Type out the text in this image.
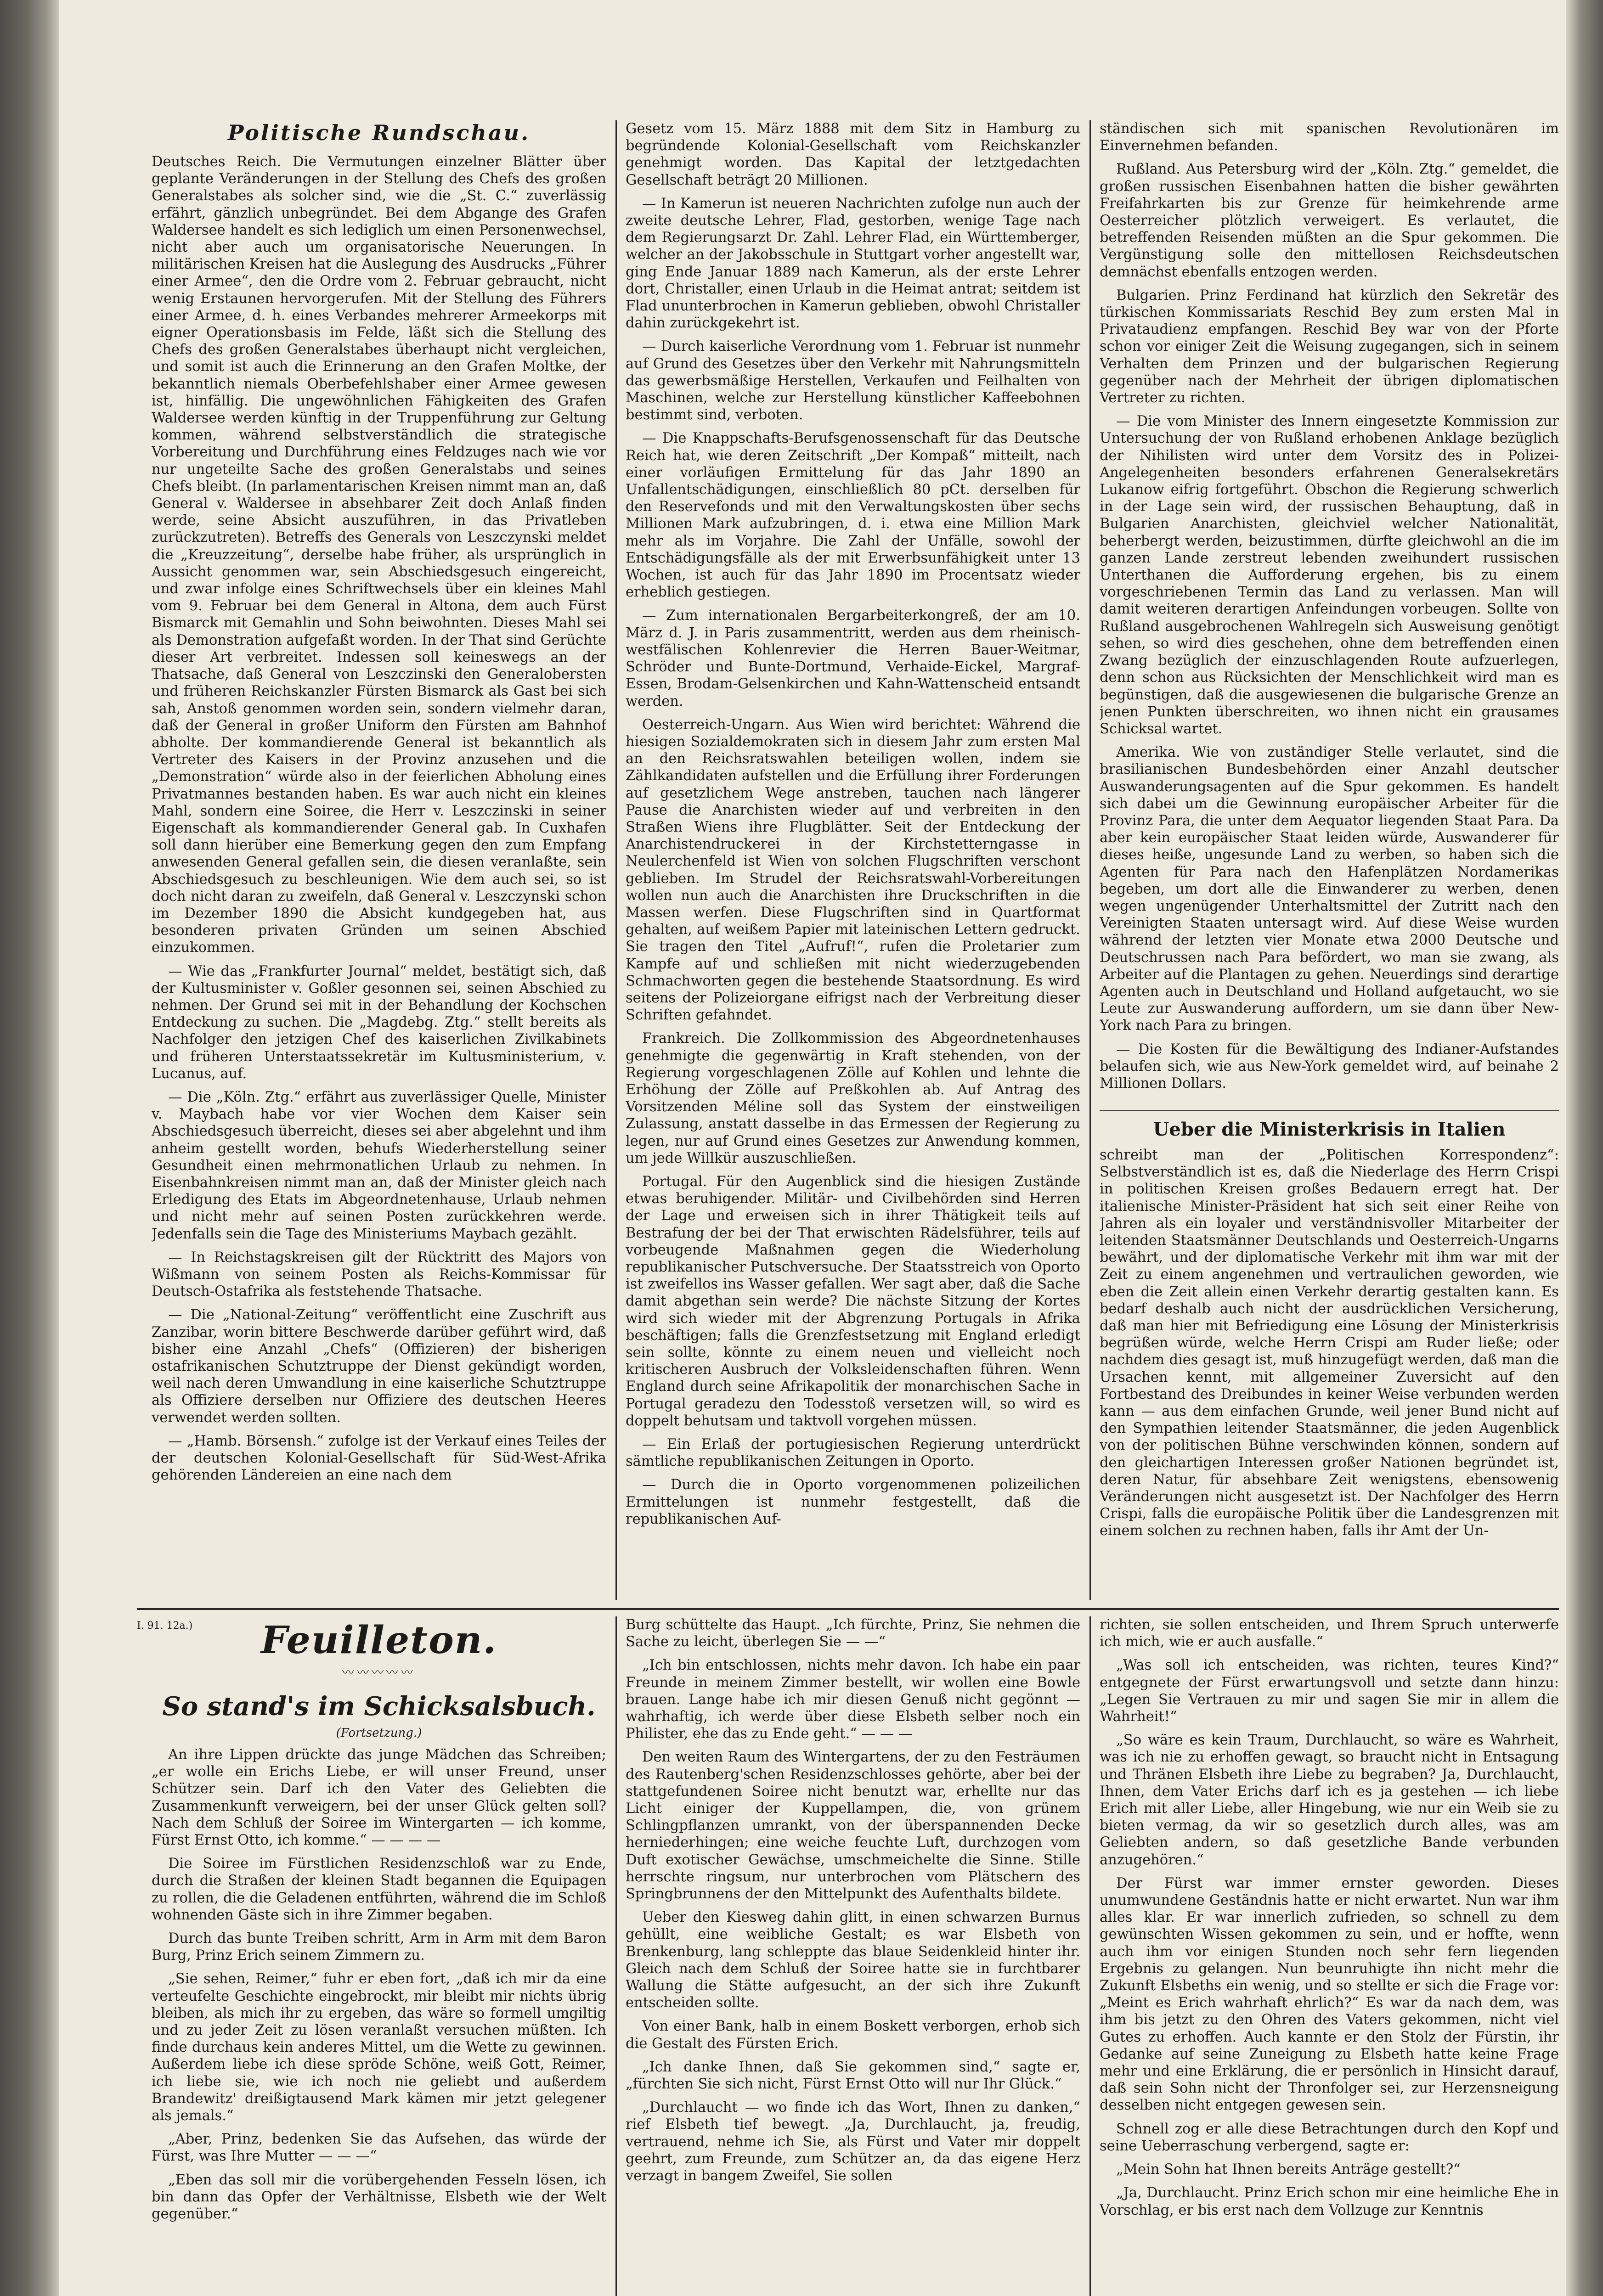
Politische Rundschau.

Deutsches Reich. Die Vermutungen einzelner Blätter über geplante Veränderungen in der Stellung des Chefs des großen Generalstabes als solcher sind, wie die „St. C.“ zuverlässig erfährt, gänzlich unbegründet. Bei dem Abgange des Grafen Waldersee handelt es sich lediglich um einen Personenwechsel, nicht aber auch um organisatorische Neuerungen. In militärischen Kreisen hat die Auslegung des Ausdrucks „Führer einer Armee“, den die Ordre vom 2. Februar gebraucht, nicht wenig Erstaunen hervorgerufen. Mit der Stellung des Führers einer Armee, d. h. eines Verbandes mehrerer Armeekorps mit eigner Operationsbasis im Felde, läßt sich die Stellung des Chefs des großen Generalstabes überhaupt nicht vergleichen, und somit ist auch die Erinnerung an den Grafen Moltke, der bekanntlich niemals Oberbefehlshaber einer Armee gewesen ist, hinfällig. Die ungewöhnlichen Fähigkeiten des Grafen Waldersee werden künftig in der Truppenführung zur Geltung kommen, während selbstverständlich die strategische Vorbereitung und Durchführung eines Feldzuges nach wie vor nur ungeteilte Sache des großen Generalstabs und seines Chefs bleibt. (In parlamentarischen Kreisen nimmt man an, daß General v. Waldersee in absehbarer Zeit doch Anlaß finden werde, seine Absicht auszuführen, in das Privatleben zurückzutreten). Betreffs des Generals von Leszczynski meldet die „Kreuzzeitung“, derselbe habe früher, als ursprünglich in Aussicht genommen war, sein Abschiedsgesuch eingereicht, und zwar infolge eines Schriftwechsels über ein kleines Mahl vom 9. Februar bei dem General in Altona, dem auch Fürst Bismarck mit Gemahlin und Sohn beiwohnten. Dieses Mahl sei als Demonstration aufgefaßt worden. In der That sind Gerüchte dieser Art verbreitet. Indessen soll keineswegs an der Thatsache, daß General von Leszczinski den Generalobersten und früheren Reichskanzler Fürsten Bismarck als Gast bei sich sah, Anstoß genommen worden sein, sondern vielmehr daran, daß der General in großer Uniform den Fürsten am Bahnhof abholte. Der kommandierende General ist bekanntlich als Vertreter des Kaisers in der Provinz anzusehen und die „Demonstration“ würde also in der feierlichen Abholung eines Privatmannes bestanden haben. Es war auch nicht ein kleines Mahl, sondern eine Soiree, die Herr v. Leszczinski in seiner Eigenschaft als kommandierender General gab. In Cuxhafen soll dann hierüber eine Bemerkung gegen den zum Empfang anwesenden General gefallen sein, die diesen veranlaßte, sein Abschiedsgesuch zu beschleunigen. Wie dem auch sei, so ist doch nicht daran zu zweifeln, daß General v. Leszczynski schon im Dezember 1890 die Absicht kundgegeben hat, aus besonderen privaten Gründen um seinen Abschied einzukommen.

— Wie das „Frankfurter Journal“ meldet, bestätigt sich, daß der Kultusminister v. Goßler gesonnen sei, seinen Abschied zu nehmen. Der Grund sei mit in der Behandlung der Kochschen Entdeckung zu suchen. Die „Magdebg. Ztg.“ stellt bereits als Nachfolger den jetzigen Chef des kaiserlichen Zivilkabinets und früheren Unterstaatssekretär im Kultusministerium, v. Lucanus, auf.

— Die „Köln. Ztg.“ erfährt aus zuverlässiger Quelle, Minister v. Maybach habe vor vier Wochen dem Kaiser sein Abschiedsgesuch überreicht, dieses sei aber abgelehnt und ihm anheim gestellt worden, behufs Wiederherstellung seiner Gesundheit einen mehrmonatlichen Urlaub zu nehmen. In Eisenbahnkreisen nimmt man an, daß der Minister gleich nach Erledigung des Etats im Abgeordnetenhause, Urlaub nehmen und nicht mehr auf seinen Posten zurückkehren werde. Jedenfalls sein die Tage des Ministeriums Maybach gezählt.

— In Reichstagskreisen gilt der Rücktritt des Majors von Wißmann von seinem Posten als Reichs-Kommissar für Deutsch-Ostafrika als feststehende Thatsache.

— Die „National-Zeitung“ veröffentlicht eine Zuschrift aus Zanzibar, worin bittere Beschwerde darüber geführt wird, daß bisher eine Anzahl „Chefs“ (Offizieren) der bisherigen ostafrikanischen Schutztruppe der Dienst gekündigt worden, weil nach deren Umwandlung in eine kaiserliche Schutztruppe als Offiziere derselben nur Offiziere des deutschen Heeres verwendet werden sollten.

— „Hamb. Börsensh.“ zufolge ist der Verkauf eines Teiles der der deutschen Kolonial-Gesellschaft für Süd-West-Afrika gehörenden Ländereien an eine nach dem

Gesetz vom 15. März 1888 mit dem Sitz in Hamburg zu begründende Kolonial-Gesellschaft vom Reichskanzler genehmigt worden. Das Kapital der letztgedachten Gesellschaft beträgt 20 Millionen.

— In Kamerun ist neueren Nachrichten zufolge nun auch der zweite deutsche Lehrer, Flad, gestorben, wenige Tage nach dem Regierungsarzt Dr. Zahl. Lehrer Flad, ein Württemberger, welcher an der Jakobsschule in Stuttgart vorher angestellt war, ging Ende Januar 1889 nach Kamerun, als der erste Lehrer dort, Christaller, einen Urlaub in die Heimat antrat; seitdem ist Flad ununterbrochen in Kamerun geblieben, obwohl Christaller dahin zurückgekehrt ist.

— Durch kaiserliche Verordnung vom 1. Februar ist nunmehr auf Grund des Gesetzes über den Verkehr mit Nahrungsmitteln das gewerbsmäßige Herstellen, Verkaufen und Feilhalten von Maschinen, welche zur Herstellung künstlicher Kaffeebohnen bestimmt sind, verboten.

— Die Knappschafts-Berufsgenossenschaft für das Deutsche Reich hat, wie deren Zeitschrift „Der Kompaß“ mitteilt, nach einer vorläufigen Ermittelung für das Jahr 1890 an Unfallentschädigungen, einschließlich 80 pCt. derselben für den Reservefonds und mit den Verwaltungskosten über sechs Millionen Mark aufzubringen, d. i. etwa eine Million Mark mehr als im Vorjahre. Die Zahl der Unfälle, sowohl der Entschädigungsfälle als der mit Erwerbsunfähigkeit unter 13 Wochen, ist auch für das Jahr 1890 im Procentsatz wieder erheblich gestiegen.

— Zum internationalen Bergarbeiterkongreß, der am 10. März d. J. in Paris zusammentritt, werden aus dem rheinisch-westfälischen Kohlenrevier die Herren Bauer-Weitmar, Schröder und Bunte-Dortmund, Verhaide-Eickel, Margraf-Essen, Brodam-Gelsenkirchen und Kahn-Wattenscheid entsandt werden.

Oesterreich-Ungarn. Aus Wien wird berichtet: Während die hiesigen Sozialdemokraten sich in diesem Jahr zum ersten Mal an den Reichsratswahlen beteiligen wollen, indem sie Zählkandidaten aufstellen und die Erfüllung ihrer Forderungen auf gesetzlichem Wege anstreben, tauchen nach längerer Pause die Anarchisten wieder auf und verbreiten in den Straßen Wiens ihre Flugblätter. Seit der Entdeckung der Anarchistendruckerei in der Kirchstetterngasse in Neulerchenfeld ist Wien von solchen Flugschriften verschont geblieben. Im Strudel der Reichsratswahl-Vorbereitungen wollen nun auch die Anarchisten ihre Druckschriften in die Massen werfen. Diese Flugschriften sind in Quartformat gehalten, auf weißem Papier mit lateinischen Lettern gedruckt. Sie tragen den Titel „Aufruf!“, rufen die Proletarier zum Kampfe auf und schließen mit nicht wiederzugebenden Schmachworten gegen die bestehende Staatsordnung. Es wird seitens der Polizeiorgane eifrigst nach der Verbreitung dieser Schriften gefahndet.

Frankreich. Die Zollkommission des Abgeordnetenhauses genehmigte die gegenwärtig in Kraft stehenden, von der Regierung vorgeschlagenen Zölle auf Kohlen und lehnte die Erhöhung der Zölle auf Preßkohlen ab. Auf Antrag des Vorsitzenden Méline soll das System der einstweiligen Zulassung, anstatt dasselbe in das Ermessen der Regierung zu legen, nur auf Grund eines Gesetzes zur Anwendung kommen, um jede Willkür auszuschließen.

Portugal. Für den Augenblick sind die hiesigen Zustände etwas beruhigender. Militär- und Civilbehörden sind Herren der Lage und erweisen sich in ihrer Thätigkeit teils auf Bestrafung der bei der That erwischten Rädelsführer, teils auf vorbeugende Maßnahmen gegen die Wiederholung republikanischer Putschversuche. Der Staatsstreich von Oporto ist zweifellos ins Wasser gefallen. Wer sagt aber, daß die Sache damit abgethan sein werde? Die nächste Sitzung der Kortes wird sich wieder mit der Abgrenzung Portugals in Afrika beschäftigen; falls die Grenzfestsetzung mit England erledigt sein sollte, könnte zu einem neuen und vielleicht noch kritischeren Ausbruch der Volksleidenschaften führen. Wenn England durch seine Afrikapolitik der monarchischen Sache in Portugal geradezu den Todesstoß versetzen will, so wird es doppelt behutsam und taktvoll vorgehen müssen.

— Ein Erlaß der portugiesischen Regierung unterdrückt sämtliche republikanischen Zeitungen in Oporto.

— Durch die in Oporto vorgenommenen polizeilichen Ermittelungen ist nunmehr festgestellt, daß die republikanischen Auf-

ständischen sich mit spanischen Revolutionären im Einvernehmen befanden.

Rußland. Aus Petersburg wird der „Köln. Ztg.“ gemeldet, die großen russischen Eisenbahnen hatten die bisher gewährten Freifahrkarten bis zur Grenze für heimkehrende arme Oesterreicher plötzlich verweigert. Es verlautet, die betreffenden Reisenden müßten an die Spur gekommen. Die Vergünstigung solle den mittellosen Reichsdeutschen demnächst ebenfalls entzogen werden.

Bulgarien. Prinz Ferdinand hat kürzlich den Sekretär des türkischen Kommissariats Reschid Bey zum ersten Mal in Privataudienz empfangen. Reschid Bey war von der Pforte schon vor einiger Zeit die Weisung zugegangen, sich in seinem Verhalten dem Prinzen und der bulgarischen Regierung gegenüber nach der Mehrheit der übrigen diplomatischen Vertreter zu richten.

— Die vom Minister des Innern eingesetzte Kommission zur Untersuchung der von Rußland erhobenen Anklage bezüglich der Nihilisten wird unter dem Vorsitz des in Polizei-Angelegenheiten besonders erfahrenen Generalsekretärs Lukanow eifrig fortgeführt. Obschon die Regierung schwerlich in der Lage sein wird, der russischen Behauptung, daß in Bulgarien Anarchisten, gleichviel welcher Nationalität, beherbergt werden, beizustimmen, dürfte gleichwohl an die im ganzen Lande zerstreut lebenden zweihundert russischen Unterthanen die Aufforderung ergehen, bis zu einem vorgeschriebenen Termin das Land zu verlassen. Man will damit weiteren derartigen Anfeindungen vorbeugen. Sollte von Rußland ausgebrochenen Wahlregeln sich Ausweisung genötigt sehen, so wird dies geschehen, ohne dem betreffenden einen Zwang bezüglich der einzuschlagenden Route aufzuerlegen, denn schon aus Rücksichten der Menschlichkeit wird man es begünstigen, daß die ausgewiesenen die bulgarische Grenze an jenen Punkten überschreiten, wo ihnen nicht ein grausames Schicksal wartet.

Amerika. Wie von zuständiger Stelle verlautet, sind die brasilianischen Bundesbehörden einer Anzahl deutscher Auswanderungsagenten auf die Spur gekommen. Es handelt sich dabei um die Gewinnung europäischer Arbeiter für die Provinz Para, die unter dem Aequator liegenden Staat Para. Da aber kein europäischer Staat leiden würde, Auswanderer für dieses heiße, ungesunde Land zu werben, so haben sich die Agenten für Para nach den Hafenplätzen Nordamerikas begeben, um dort alle die Einwanderer zu werben, denen wegen ungenügender Unterhaltsmittel der Zutritt nach den Vereinigten Staaten untersagt wird. Auf diese Weise wurden während der letzten vier Monate etwa 2000 Deutsche und Deutschrussen nach Para befördert, wo man sie zwang, als Arbeiter auf die Plantagen zu gehen. Neuerdings sind derartige Agenten auch in Deutschland und Holland aufgetaucht, wo sie Leute zur Auswanderung auffordern, um sie dann über New-York nach Para zu bringen.

— Die Kosten für die Bewältigung des Indianer-Aufstandes belaufen sich, wie aus New-York gemeldet wird, auf beinahe 2 Millionen Dollars.

Ueber die Ministerkrisis in Italien

schreibt man der „Politischen Korrespondenz“: Selbstverständlich ist es, daß die Niederlage des Herrn Crispi in politischen Kreisen großes Bedauern erregt hat. Der italienische Minister-Präsident hat sich seit einer Reihe von Jahren als ein loyaler und verständnisvoller Mitarbeiter der leitenden Staatsmänner Deutschlands und Oesterreich-Ungarns bewährt, und der diplomatische Verkehr mit ihm war mit der Zeit zu einem angenehmen und vertraulichen geworden, wie eben die Zeit allein einen Verkehr derartig gestalten kann. Es bedarf deshalb auch nicht der ausdrücklichen Versicherung, daß man hier mit Befriedigung eine Lösung der Ministerkrisis begrüßen würde, welche Herrn Crispi am Ruder ließe; oder nachdem dies gesagt ist, muß hinzugefügt werden, daß man die Ursachen kennt, mit allgemeiner Zuversicht auf den Fortbestand des Dreibundes in keiner Weise verbunden werden kann — aus dem einfachen Grunde, weil jener Bund nicht auf den Sympathien leitender Staatsmänner, die jeden Augenblick von der politischen Bühne verschwinden können, sondern auf den gleichartigen Interessen großer Nationen begründet ist, deren Natur, für absehbare Zeit wenigstens, ebensowenig Veränderungen nicht ausgesetzt ist. Der Nachfolger des Herrn Crispi, falls die europäische Politik über die Landesgrenzen mit einem solchen zu rechnen haben, falls ihr Amt der Un-

I. 91. 12a.)	Feuilleton.
〰〰〰〰〰
So stand's im Schicksalsbuch.
(Fortsetzung.)

An ihre Lippen drückte das junge Mädchen das Schreiben; „er wolle ein Erichs Liebe, er will unser Freund, unser Schützer sein. Darf ich den Vater des Geliebten die Zusammenkunft verweigern, bei der unser Glück gelten soll? Nach dem Schluß der Soiree im Wintergarten — ich komme, Fürst Ernst Otto, ich komme.“ — — — —

Die Soiree im Fürstlichen Residenzschloß war zu Ende, durch die Straßen der kleinen Stadt begannen die Equipagen zu rollen, die die Geladenen entführten, während die im Schloß wohnenden Gäste sich in ihre Zimmer begaben.

Durch das bunte Treiben schritt, Arm in Arm mit dem Baron Burg, Prinz Erich seinem Zimmern zu.

„Sie sehen, Reimer,“ fuhr er eben fort, „daß ich mir da eine verteufelte Geschichte eingebrockt, mir bleibt mir nichts übrig bleiben, als mich ihr zu ergeben, das wäre so formell umgiltig und zu jeder Zeit zu lösen veranlaßt versuchen müßten. Ich finde durchaus kein anderes Mittel, um die Wette zu gewinnen. Außerdem liebe ich diese spröde Schöne, weiß Gott, Reimer, ich liebe sie, wie ich noch nie geliebt und außerdem Brandewitz' dreißigtausend Mark kämen mir jetzt gelegener als jemals.“

„Aber, Prinz, bedenken Sie das Aufsehen, das würde der Fürst, was Ihre Mutter — — —“

„Eben das soll mir die vorübergehenden Fesseln lösen, ich bin dann das Opfer der Verhältnisse, Elsbeth wie der Welt gegenüber.“

Burg schüttelte das Haupt. „Ich fürchte, Prinz, Sie nehmen die Sache zu leicht, überlegen Sie — —“

„Ich bin entschlossen, nichts mehr davon. Ich habe ein paar Freunde in meinem Zimmer bestellt, wir wollen eine Bowle brauen. Lange habe ich mir diesen Genuß nicht gegönnt — wahrhaftig, ich werde über diese Elsbeth selber noch ein Philister, ehe das zu Ende geht.“ — — —

Den weiten Raum des Wintergartens, der zu den Festräumen des Rautenberg'schen Residenzschlosses gehörte, aber bei der stattgefundenen Soiree nicht benutzt war, erhellte nur das Licht einiger der Kuppellampen, die, von grünem Schlingpflanzen umrankt, von der überspannenden Decke herniederhingen; eine weiche feuchte Luft, durchzogen vom Duft exotischer Gewächse, umschmeichelte die Sinne. Stille herrschte ringsum, nur unterbrochen vom Plätschern des Springbrunnens der den Mittelpunkt des Aufenthalts bildete.

Ueber den Kiesweg dahin glitt, in einen schwarzen Burnus gehüllt, eine weibliche Gestalt; es war Elsbeth von Brenkenburg, lang schleppte das blaue Seidenkleid hinter ihr. Gleich nach dem Schluß der Soiree hatte sie in furchtbarer Wallung die Stätte aufgesucht, an der sich ihre Zukunft entscheiden sollte.

Von einer Bank, halb in einem Boskett verborgen, erhob sich die Gestalt des Fürsten Erich.

„Ich danke Ihnen, daß Sie gekommen sind,“ sagte er, „fürchten Sie sich nicht, Fürst Ernst Otto will nur Ihr Glück.“

„Durchlaucht — wo finde ich das Wort, Ihnen zu danken,“ rief Elsbeth tief bewegt. „Ja, Durchlaucht, ja, freudig, vertrauend, nehme ich Sie, als Fürst und Vater mir doppelt geehrt, zum Freunde, zum Schützer an, da das eigene Herz verzagt in bangem Zweifel, Sie sollen

richten, sie sollen entscheiden, und Ihrem Spruch unterwerfe ich mich, wie er auch ausfalle.“

„Was soll ich entscheiden, was richten, teures Kind?“ entgegnete der Fürst erwartungsvoll und setzte dann hinzu: „Legen Sie Vertrauen zu mir und sagen Sie mir in allem die Wahrheit!“

„So wäre es kein Traum, Durchlaucht, so wäre es Wahrheit, was ich nie zu erhoffen gewagt, so braucht nicht in Entsagung und Thränen Elsbeth ihre Liebe zu begraben? Ja, Durchlaucht, Ihnen, dem Vater Erichs darf ich es ja gestehen — ich liebe Erich mit aller Liebe, aller Hingebung, wie nur ein Weib sie zu bieten vermag, da wir so gesetzlich durch alles, was am Geliebten andern, so daß gesetzliche Bande verbunden anzugehören.“

Der Fürst war immer ernster geworden. Dieses unumwundene Geständnis hatte er nicht erwartet. Nun war ihm alles klar. Er war innerlich zufrieden, so schnell zu dem gewünschten Wissen gekommen zu sein, und er hoffte, wenn auch ihm vor einigen Stunden noch sehr fern liegenden Ergebnis zu gelangen. Nun beunruhigte ihn nicht mehr die Zukunft Elsbeths ein wenig, und so stellte er sich die Frage vor: „Meint es Erich wahrhaft ehrlich?“ Es war da nach dem, was ihm bis jetzt zu den Ohren des Vaters gekommen, nicht viel Gutes zu erhoffen. Auch kannte er den Stolz der Fürstin, ihr Gedanke auf seine Zuneigung zu Elsbeth hatte keine Frage mehr und eine Erklärung, die er persönlich in Hinsicht darauf, daß sein Sohn nicht der Thronfolger sei, zur Herzensneigung desselben nicht entgegen gewesen sein.

Schnell zog er alle diese Betrachtungen durch den Kopf und seine Ueberraschung verbergend, sagte er:

„Mein Sohn hat Ihnen bereits Anträge gestellt?“

„Ja, Durchlaucht. Prinz Erich schon mir eine heimliche Ehe in Vorschlag, er bis erst nach dem Vollzuge zur Kenntnis
